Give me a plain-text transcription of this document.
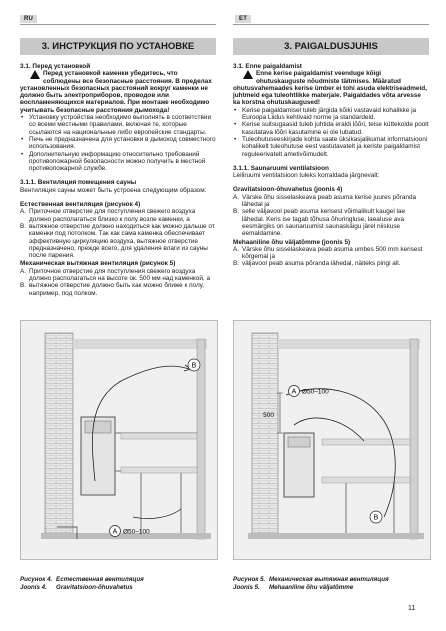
RU	ET
3. ИНСТРУКЦИЯ ПО УСТАНОВКЕ	3. PAIGALDUSJUHIS
3.1. Перед установкой
Перед установкой каменки убедитесь, что соблюдены все безопасные расстояния. В пределах установленных безопасных расстояний вокруг каменки не должно быть электроприборов, проводов или воспламеняющихся материалов. При монтаже необходимо учитывать безопасные расстояния дымохода!
• Установку устройства необходимо выполнять в соответствии со всеми местными правилами, включая те, которые ссылаются на национальные либо европейские стандарты.
• Печь не предназначена для установки в дымоход совместного использования.
• Дополнительную информацию относительно требований противопожарной безопасности можно получить в местной противопожарной службе.
3.1.1. Вентиляция помещения сауны
Вентиляция сауны может быть устроена следующим образом:
Естественная вентиляция (рисунок 4)
A. Приточное отверстие для поступления свежего воздуха должно располагаться близко к полу возле каменки, а
B. вытяжное отверстие должно находиться как можно дальше от каменки под потолком. Так как сама каменка обеспечивает эффективную циркуляцию воздуха, вытяжное отверстие предназначено, прежде всего, для удаления влаги из сауны после парения.
Механическая вытяжная вентиляция (рисунок 5)
A. Приточное отверстие для поступления свежего воздуха должно располагаться на высоте ок. 500 мм над каменкой, а
B. вытяжное отверстие должно быть как можно ближе к полу, например, под полком.
3.1. Enne paigaldamist
Enne kerise paigaldamist veenduge kõigi ohutuskauguste nõudmiste täitmises. Määratud ohutusvahemaades kerise ümber ei tohi asuda elektriseadmeid, juhtmeid ega tuleohtlikke materjale. Paigaldades võta arvesse ka korstna ohutuskaugused!
• Kerise paigaldamisel tuleb järgida kõiki vastavaid kohalikke ja Euroopa Liidus kehtivaid norme ja standardeid.
• Kerise suitsugaasid tuleb juhtida eraldi lõõri, teise küttekolde poolt kasutatava lõõri kasutamine ei ole lubatud.
• Tuleohutuseeskirjade kohta saate üksikasjalikumat informatsiooni kohalikelt tuleohutuse eest vastutavatelt ja keriste paigaldamist reguleerivatelt ametivõimudelt.
3.1.1. Saunaruumi ventilatsioon
Leiliruumi ventilatsioon tuleks korraldada järgnevalt:
Gravitatsioon-õhuvahetus (joonis 4)
A. Värske õhu sisselaskeava peab asuma kerise juures põranda lähedal ja
B. selle väljavool peab asuma kerisest võimalikult kaugel lae lähedal. Keris ise tagab tõhusa õhuringluse, laeaIuse ava eesmärgiks on saunaruumist saunaskäigu järel niiskuse eemaldamine.
Mehaaniline õhu väljatõmme (joonis 5)
A. Värske õhu sisselaskeava peab asuma umbes 500 mm kerisest kõrgemal ja
B. väljavool peab asuma põranda lähedal, näiteks pingi all.
B
A Ø50–100
500
A Ø50–100
B
Рисунок 4. Естественная вентиляция
Joonis 4. Gravitatsioon-õhuvahetus
Рисунок 5. Механическая вытяжная вентиляция
Joonis 5. Mehaaniline õhu väljatõmme
11
